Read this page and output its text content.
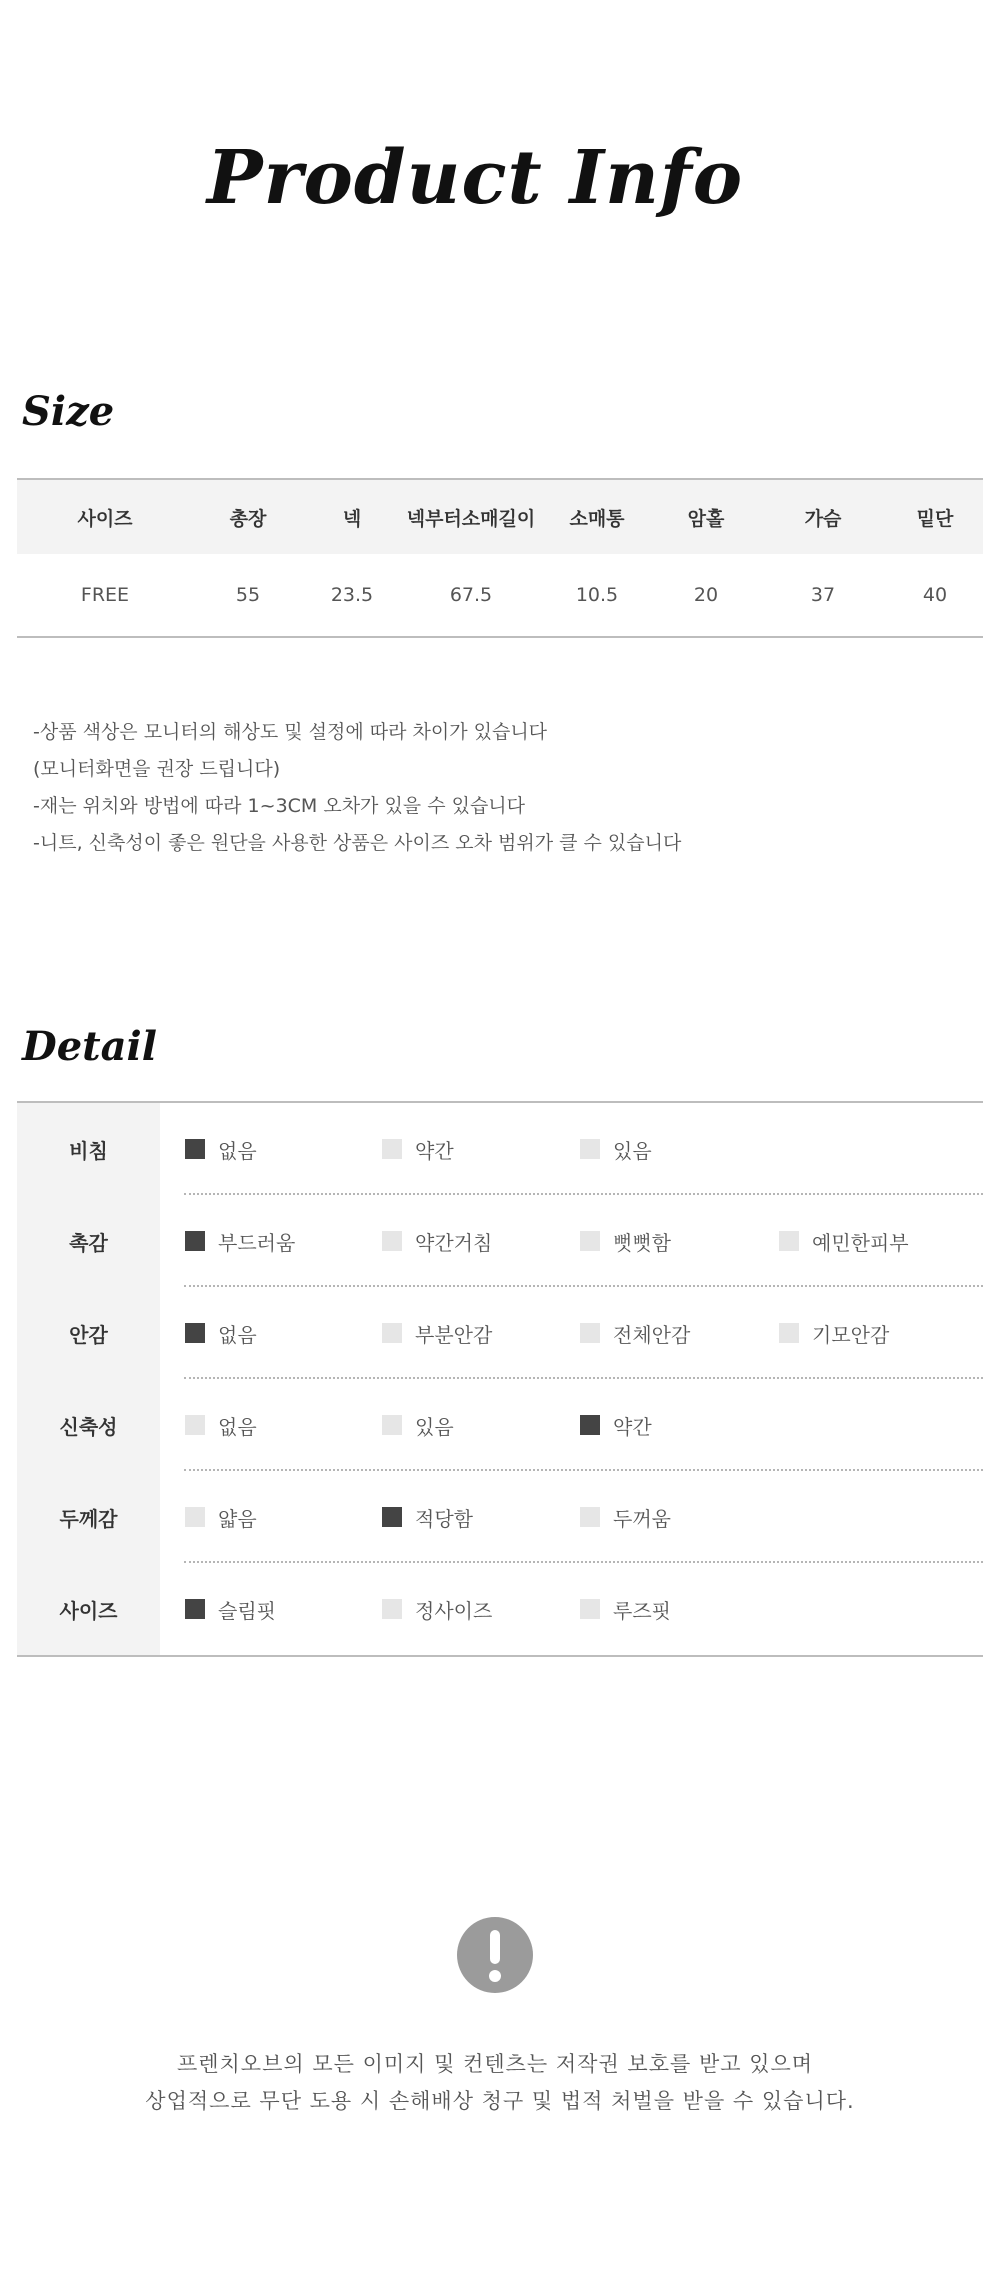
Product Info
Size
사이즈	총장	넥	넥부터소매길이	소매통	암홀	가슴	밑단
FREE	55	23.5	67.5	10.5	20	37	40
-상품 색상은 모니터의 해상도 및 설정에 따라 차이가 있습니다
(모니터화면을 권장 드립니다)
-재는 위치와 방법에 따라 1~3CM 오차가 있을 수 있습니다
-니트, 신축성이 좋은 원단을 사용한 상품은 사이즈 오차 범위가 클 수 있습니다
Detail
비침	없음	약간	있음
촉감	부드러움	약간거침	뻣뻣함	예민한피부
안감	없음	부분안감	전체안감	기모안감
신축성	없음	있음	약간
두께감	얇음	적당함	두꺼움
사이즈	슬림핏	정사이즈	루즈핏
프렌치오브의 모든 이미지 및 컨텐츠는 저작권 보호를 받고 있으며
상업적으로 무단 도용 시 손해배상 청구 및 법적 처벌을 받을 수 있습니다.
